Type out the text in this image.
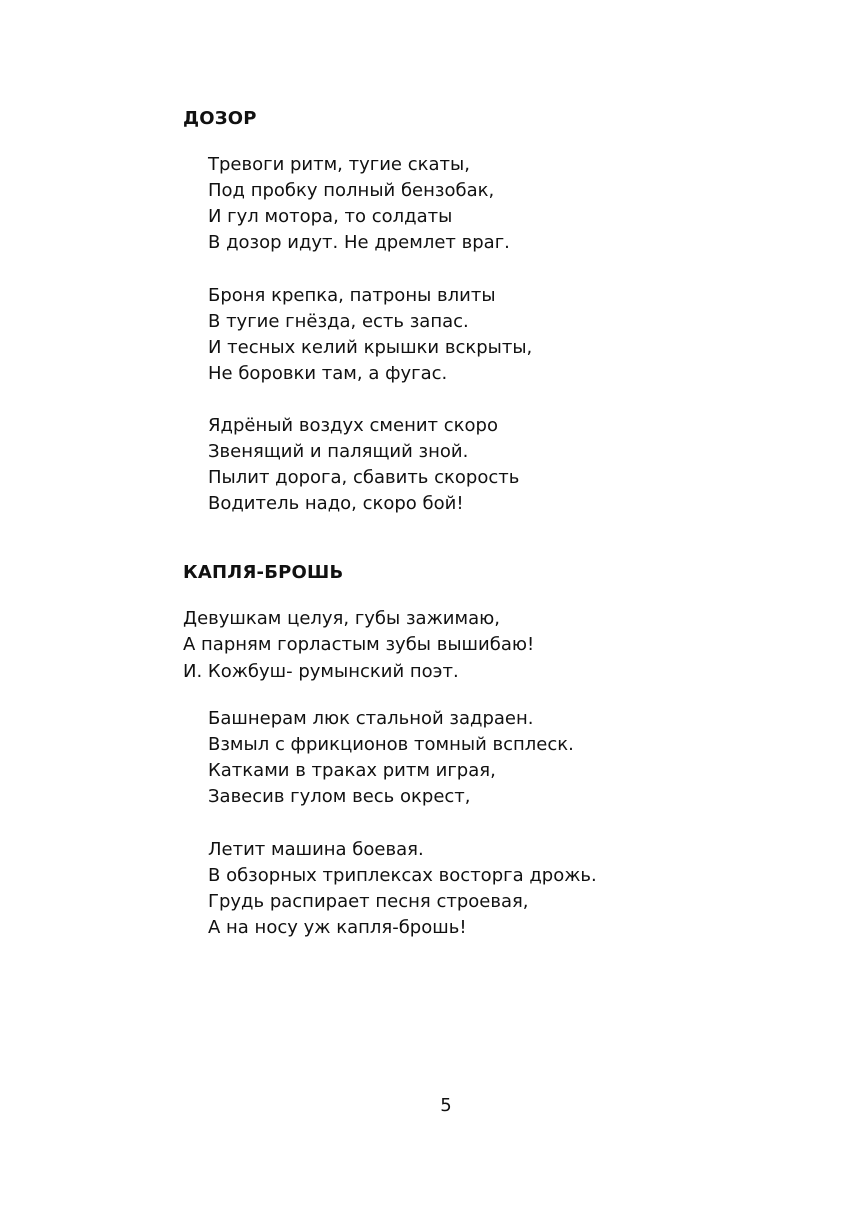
ДОЗОР

Тревоги ритм, тугие скаты,

Под пробку полный бензобак,

И гул мотора, то солдаты

В дозор идут. Не дремлет враг.

Броня крепка, патроны влиты

В тугие гнёзда, есть запас.

И тесных келий крышки вскрыты,

Не боровки там, а фугас.

Ядрёный воздух сменит скоро

Звенящий и палящий зной.

Пылит дорога, сбавить скорость

Водитель надо, скоро бой!

КАПЛЯ-БРОШЬ

Девушкам целуя, губы зажимаю,

А парням горластым зубы вышибаю!

И. Кожбуш- румынский поэт.

Башнерам люк стальной задраен.

Взмыл с фрикционов томный всплеск.

Катками в траках ритм играя,

Завесив гулом весь окрест,

Летит машина боевая.

В обзорных триплексах восторга дрожь.

Грудь распирает песня строевая,

А на носу уж капля-брошь!

5
